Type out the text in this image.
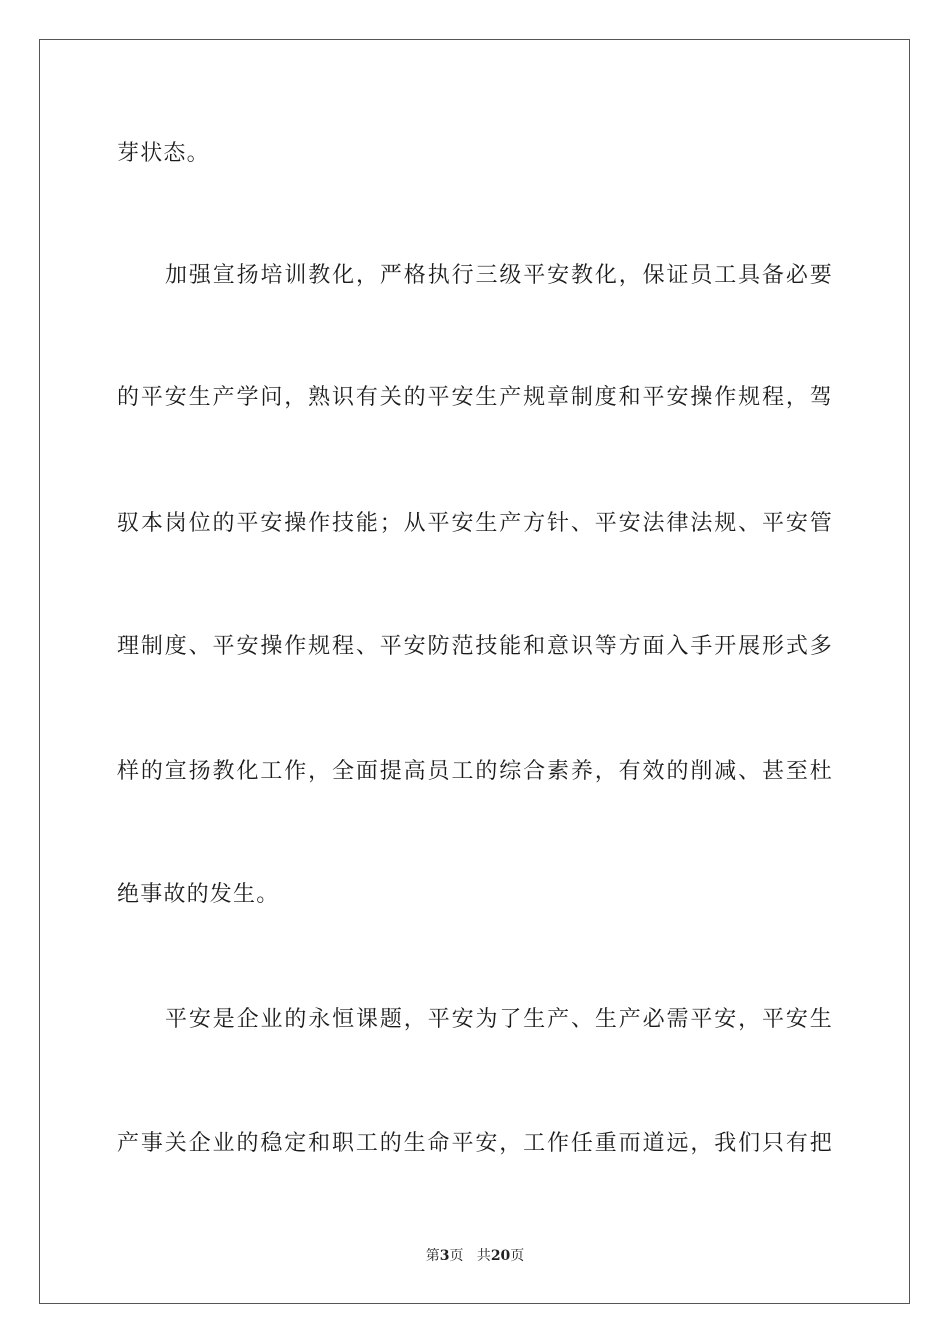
芽状态。
加强宣扬培训教化，严格执行三级平安教化，保证员工具备必要
的平安生产学问，熟识有关的平安生产规章制度和平安操作规程，驾
驭本岗位的平安操作技能；从平安生产方针、平安法律法规、平安管
理制度、平安操作规程、平安防范技能和意识等方面入手开展形式多
样的宣扬教化工作，全面提高员工的综合素养，有效的削减、甚至杜
绝事故的发生。
平安是企业的永恒课题，平安为了生产、生产必需平安，平安生
产事关企业的稳定和职工的生命平安，工作任重而道远，我们只有把
第3页 共20页
